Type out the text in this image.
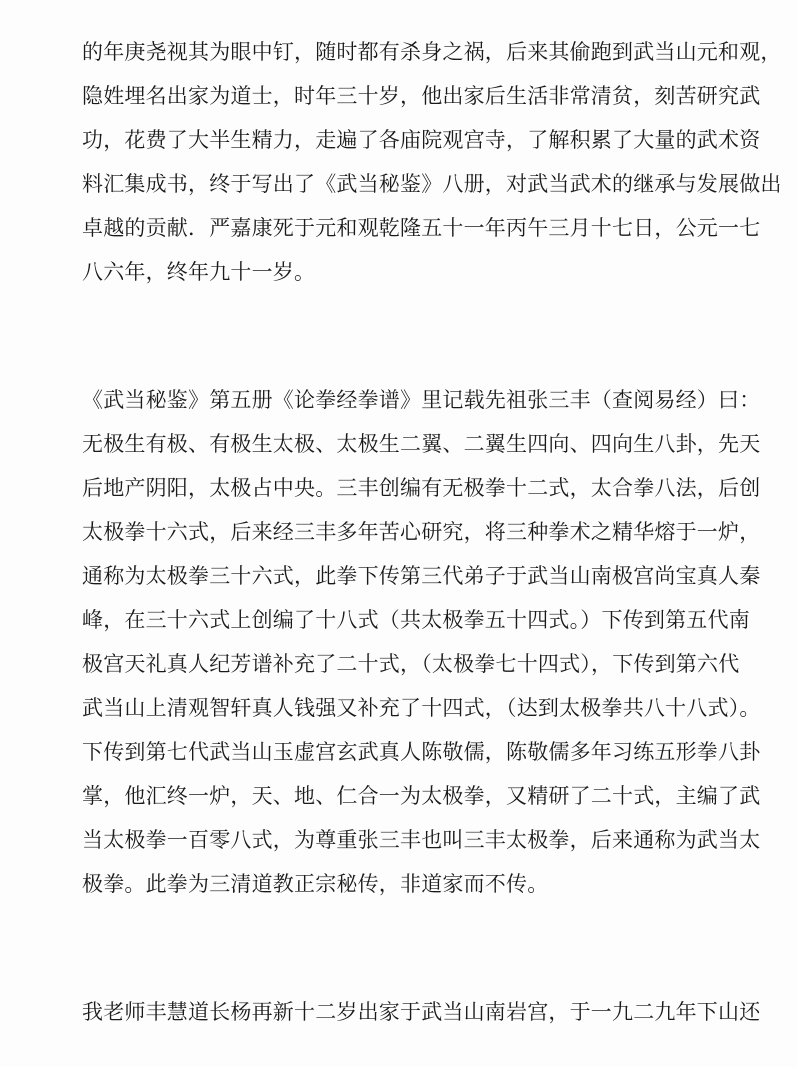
的年庚尧视其为眼中钉，随时都有杀身之祸，后来其偷跑到武当山元和观，
隐姓埋名出家为道士，时年三十岁，他出家后生活非常清贫，刻苦研究武
功，花费了大半生精力，走遍了各庙院观宫寺，了解积累了大量的武术资
料汇集成书，终于写出了《武当秘鉴》八册，对武当武术的继承与发展做出
卓越的贡献．严嘉康死于元和观乾隆五十一年丙午三月十七日，公元一七
八六年，终年九十一岁。

《武当秘鉴》第五册《论拳经拳谱》里记载先祖张三丰（查阅易经）曰：
无极生有极、有极生太极、太极生二翼、二翼生四向、四向生八卦，先天
后地产阴阳，太极占中央。三丰创编有无极拳十二式，太合拳八法，后创
太极拳十六式，后来经三丰多年苦心研究，将三种拳术之精华熔于一炉，
通称为太极拳三十六式，此拳下传第三代弟子于武当山南极宫尚宝真人秦
峰，在三十六式上创编了十八式（共太极拳五十四式。）下传到第五代南
极宫天礼真人纪芳谱补充了二十式，（太极拳七十四式），下传到第六代
武当山上清观智轩真人钱强又补充了十四式，（达到太极拳共八十八式）。
下传到第七代武当山玉虚宫玄武真人陈敬儒，陈敬儒多年习练五形拳八卦
掌，他汇终一炉，天、地、仁合一为太极拳，又精研了二十式，主编了武
当太极拳一百零八式，为尊重张三丰也叫三丰太极拳，后来通称为武当太
极拳。此拳为三清道教正宗秘传，非道家而不传。

我老师丰慧道长杨再新十二岁出家于武当山南岩宫，于一九二九年下山还
